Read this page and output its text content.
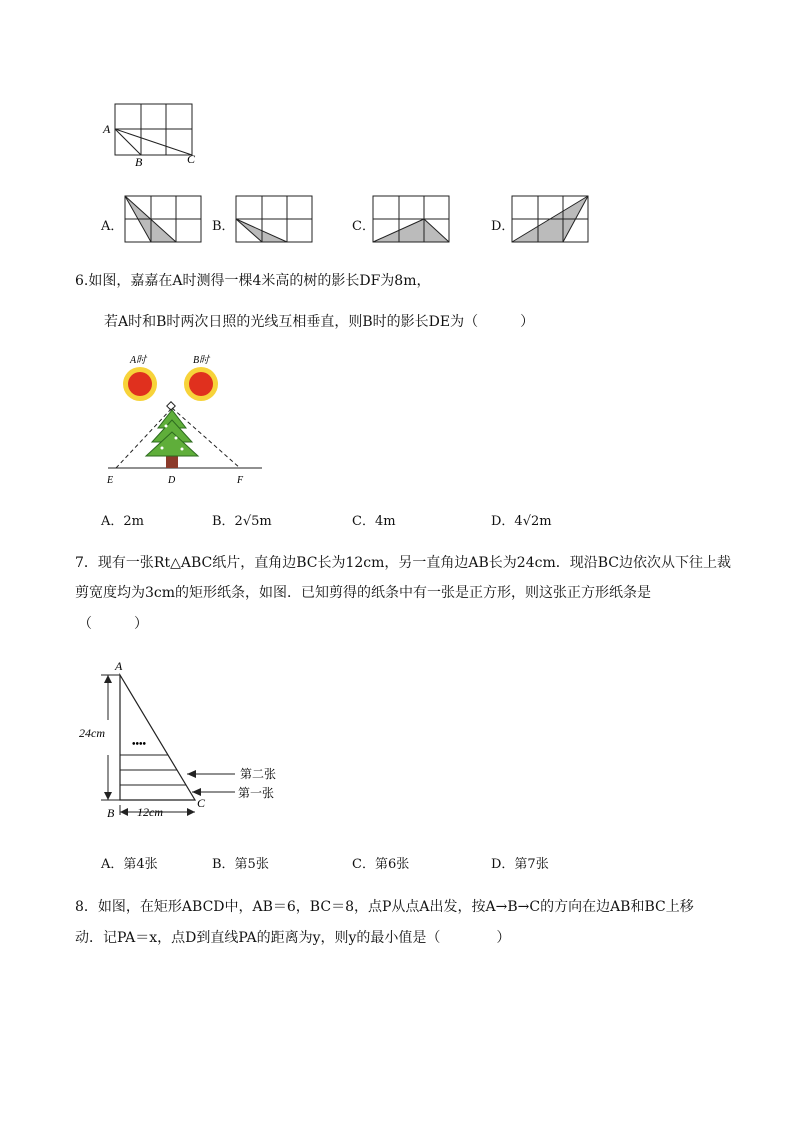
A
B	C
A．	B．	C．	D．
6.如图，嘉嘉在A时测得一棵4米高的树的影长DF为8m，
若A时和B时两次日照的光线互相垂直，则B时的影长DE为（　　　）
A时	B时
E	D	F
A．2m	B．2√5m	C．4m	D．4√2m
7．现有一张Rt△ABC纸片，直角边BC长为12cm，另一直角边AB长为24cm．现沿BC边依次从下往上裁
剪宽度均为3cm的矩形纸条，如图．已知剪得的纸条中有一张是正方形，则这张正方形纸条是
（　　　）
A
B
C
24cm
12cm
••••
第二张
第一张
A．第4张	B．第5张	C．第6张	D．第7张
8．如图，在矩形ABCD中，AB＝6，BC＝8，点P从点A出发，按A→B→C的方向在边AB和BC上移
动．记PA＝x，点D到直线PA的距离为y，则y的最小值是（　　　　）
